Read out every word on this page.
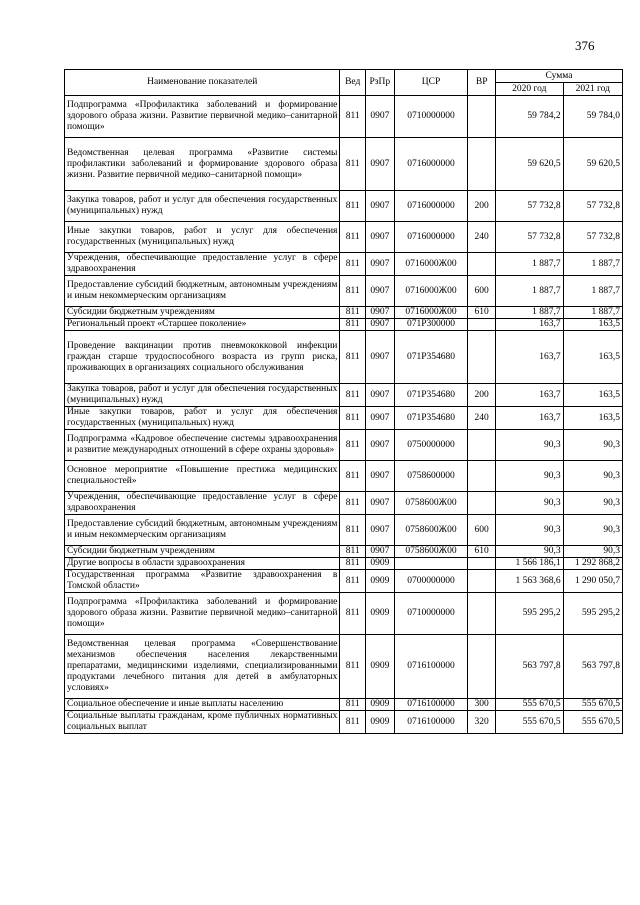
376
Наименование показателей	Вед	РзПр	ЦСР	ВР	Сумма	
					2020 год	2021 год
Подпрограмма «Профилактика заболеваний и формирование здорового образа жизни. Развитие первичной медико–санитарной помощи»	811	0907	0710000000		59 784,2	59 784,0
Ведомственная целевая программа «Развитие системы профилактики заболеваний и формирование здорового образа жизни. Развитие первичной медико–санитарной помощи»	811	0907	0716000000		59 620,5	59 620,5
Закупка товаров, работ и услуг для обеспечения государственных (муниципальных) нужд	811	0907	0716000000	200	57 732,8	57 732,8
Иные закупки товаров, работ и услуг для обеспечения государственных (муниципальных) нужд	811	0907	0716000000	240	57 732,8	57 732,8
Учреждения, обеспечивающие предоставление услуг в сфере здравоохранения	811	0907	0716000Ж00		1 887,7	1 887,7
Предоставление субсидий бюджетным, автономным учреждениям и иным некоммерческим организациям	811	0907	0716000Ж00	600	1 887,7	1 887,7
Субсидии бюджетным учреждениям	811	0907	0716000Ж00	610	1 887,7	1 887,7
Региональный проект «Старшее поколение»	811	0907	071P300000		163,7	163,5
Проведение вакцинации против пневмококковой инфекции граждан старше трудоспособного возраста из групп риска, проживающих в организациях социального обслуживания	811	0907	071P354680		163,7	163,5
Закупка товаров, работ и услуг для обеспечения государственных (муниципальных) нужд	811	0907	071P354680	200	163,7	163,5
Иные закупки товаров, работ и услуг для обеспечения государственных (муниципальных) нужд	811	0907	071P354680	240	163,7	163,5
Подпрограмма «Кадровое обеспечение системы здравоохранения и развитие международных отношений в сфере охраны здоровья»	811	0907	0750000000		90,3	90,3
Основное мероприятие «Повышение престижа медицинских специальностей»	811	0907	0758600000		90,3	90,3
Учреждения, обеспечивающие предоставление услуг в сфере здравоохранения	811	0907	0758600Ж00		90,3	90,3
Предоставление субсидий бюджетным, автономным учреждениям и иным некоммерческим организациям	811	0907	0758600Ж00	600	90,3	90,3
Субсидии бюджетным учреждениям	811	0907	0758600Ж00	610	90,3	90,3
Другие вопросы в области здравоохранения	811	0909			1 566 186,1	1 292 868,2
Государственная программа «Развитие здравоохранения в Томской области»	811	0909	0700000000		1 563 368,6	1 290 050,7
Подпрограмма «Профилактика заболеваний и формирование здорового образа жизни. Развитие первичной медико–санитарной помощи»	811	0909	0710000000		595 295,2	595 295,2
Ведомственная целевая программа «Совершенствование механизмов обеспечения населения лекарственными препаратами, медицинскими изделиями, специализированными продуктами лечебного питания для детей в амбулаторных условиях»	811	0909	0716100000		563 797,8	563 797,8
Социальное обеспечение и иные выплаты населению	811	0909	0716100000	300	555 670,5	555 670,5
Социальные выплаты гражданам, кроме публичных нормативных социальных выплат	811	0909	0716100000	320	555 670,5	555 670,5
